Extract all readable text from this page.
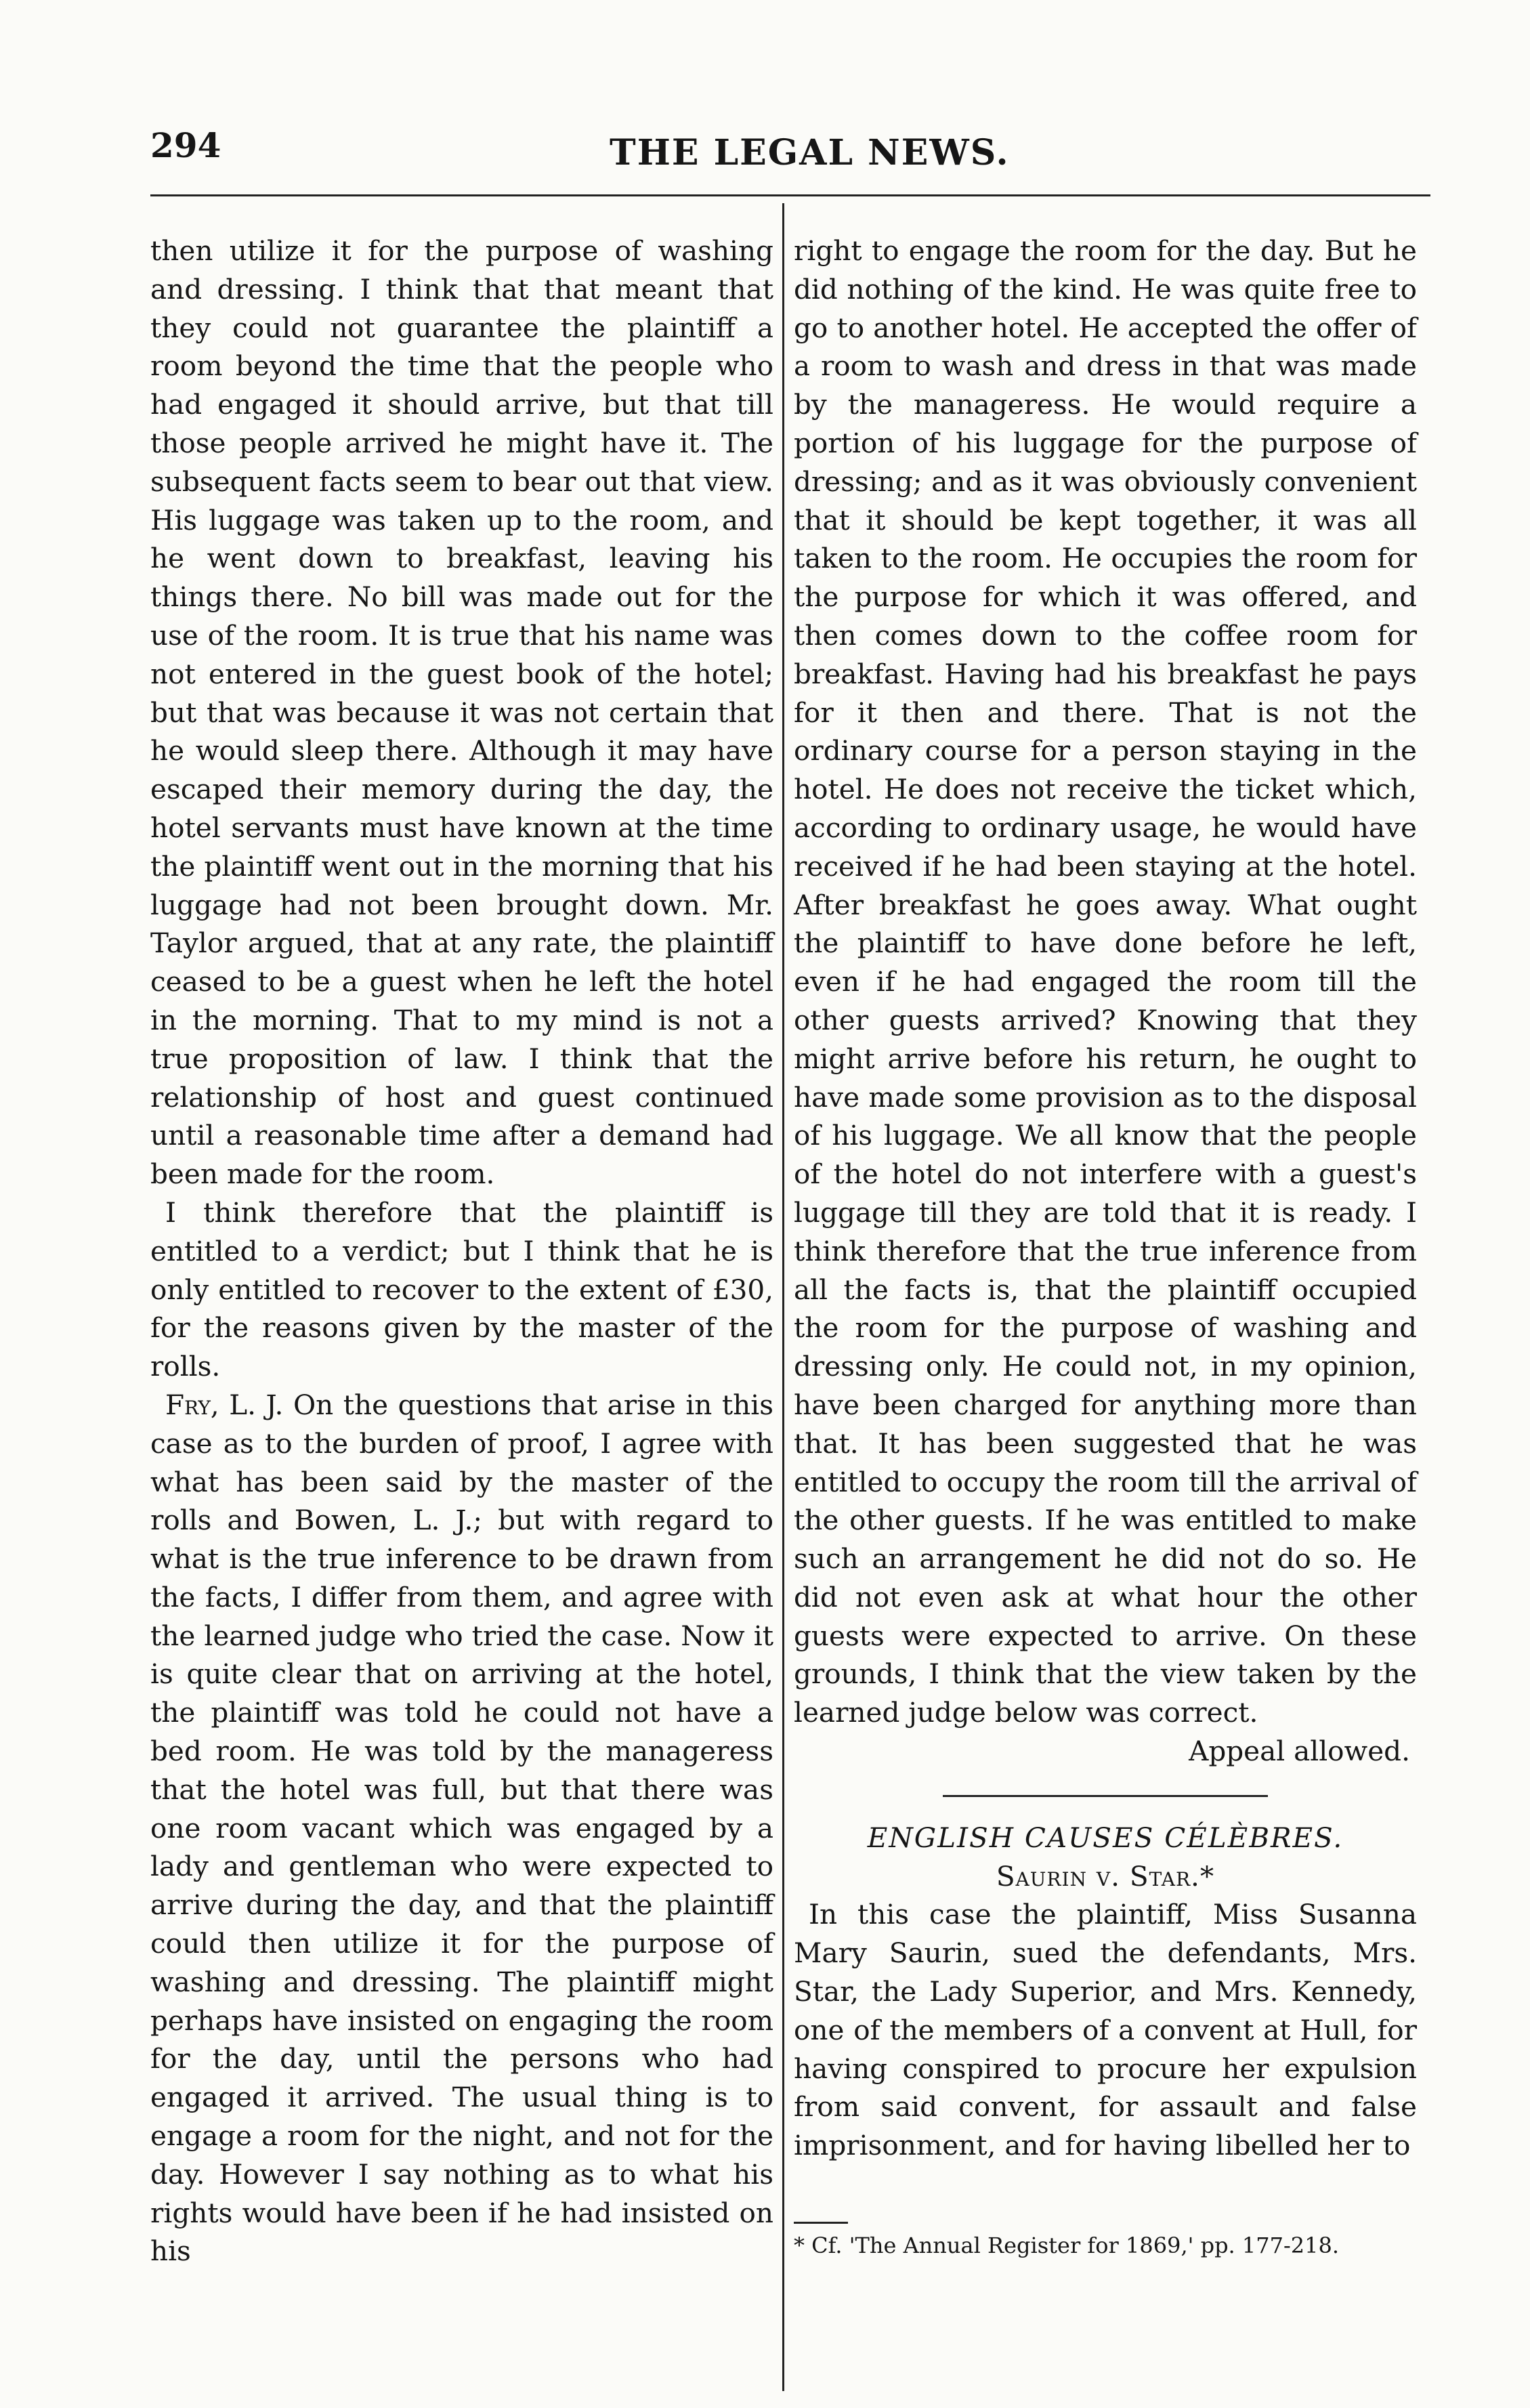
294	THE LEGAL NEWS.

then utilize it for the purpose of washing and dressing. I think that that meant that they could not guarantee the plaintiff a room beyond the time that the people who had engaged it should arrive, but that till those people arrived he might have it. The subsequent facts seem to bear out that view. His luggage was taken up to the room, and he went down to breakfast, leaving his things there. No bill was made out for the use of the room. It is true that his name was not entered in the guest book of the hotel; but that was because it was not certain that he would sleep there. Although it may have escaped their memory during the day, the hotel servants must have known at the time the plaintiff went out in the morning that his luggage had not been brought down. Mr. Taylor argued, that at any rate, the plaintiff ceased to be a guest when he left the hotel in the morning. That to my mind is not a true proposition of law. I think that the relationship of host and guest continued until a reasonable time after a demand had been made for the room.

I think therefore that the plaintiff is entitled to a verdict; but I think that he is only entitled to recover to the extent of £30, for the reasons given by the master of the rolls.

Fry, L. J. On the questions that arise in this case as to the burden of proof, I agree with what has been said by the master of the rolls and Bowen, L. J.; but with regard to what is the true inference to be drawn from the facts, I differ from them, and agree with the learned judge who tried the case. Now it is quite clear that on arriving at the hotel, the plaintiff was told he could not have a bed room. He was told by the manageress that the hotel was full, but that there was one room vacant which was engaged by a lady and gentleman who were expected to arrive during the day, and that the plaintiff could then utilize it for the purpose of washing and dressing. The plaintiff might perhaps have insisted on engaging the room for the day, until the persons who had engaged it arrived. The usual thing is to engage a room for the night, and not for the day. However I say nothing as to what his rights would have been if he had insisted on his

right to engage the room for the day. But he did nothing of the kind. He was quite free to go to another hotel. He accepted the offer of a room to wash and dress in that was made by the manageress. He would require a portion of his luggage for the purpose of dressing; and as it was obviously convenient that it should be kept together, it was all taken to the room. He occupies the room for the purpose for which it was offered, and then comes down to the coffee room for breakfast. Having had his breakfast he pays for it then and there. That is not the ordinary course for a person staying in the hotel. He does not receive the ticket which, according to ordinary usage, he would have received if he had been staying at the hotel. After breakfast he goes away. What ought the plaintiff to have done before he left, even if he had engaged the room till the other guests arrived? Knowing that they might arrive before his return, he ought to have made some provision as to the disposal of his luggage. We all know that the people of the hotel do not interfere with a guest's luggage till they are told that it is ready. I think therefore that the true inference from all the facts is, that the plaintiff occupied the room for the purpose of washing and dressing only. He could not, in my opinion, have been charged for anything more than that. It has been suggested that he was entitled to occupy the room till the arrival of the other guests. If he was entitled to make such an arrangement he did not do so. He did not even ask at what hour the other guests were expected to arrive. On these grounds, I think that the view taken by the learned judge below was correct.

Appeal allowed.

ENGLISH CAUSES CÉLÈBRES.

Saurin v. Star.*

In this case the plaintiff, Miss Susanna Mary Saurin, sued the defendants, Mrs. Star, the Lady Superior, and Mrs. Kennedy, one of the members of a convent at Hull, for having conspired to procure her expulsion from said convent, for assault and false imprisonment, and for having libelled her to

* Cf. 'The Annual Register for 1869,' pp. 177-218.
